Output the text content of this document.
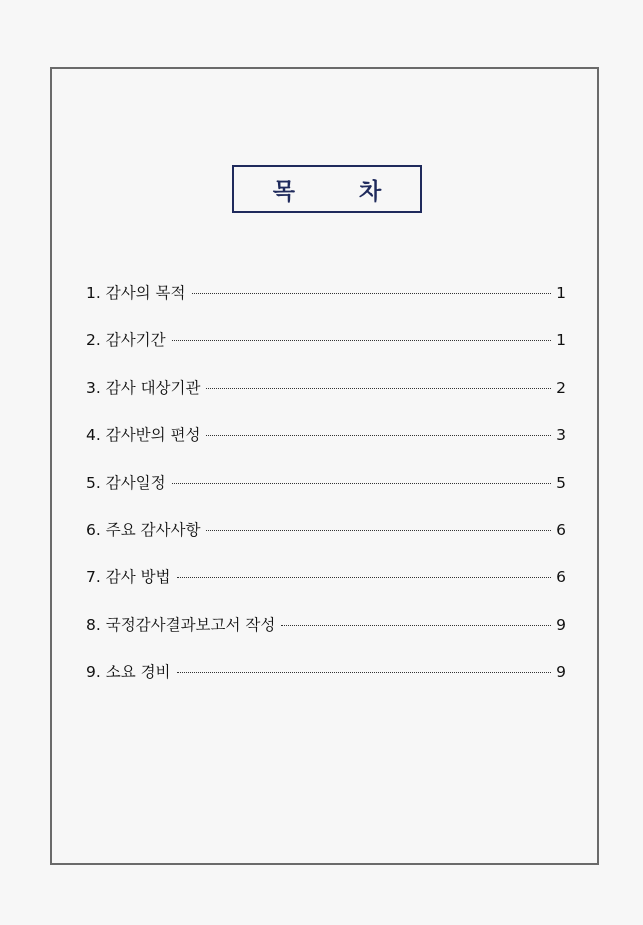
목	차
1. 감사의 목적	1
2. 감사기간	1
3. 감사 대상기관	2
4. 감사반의 편성	3
5. 감사일정	5
6. 주요 감사사항	6
7. 감사 방법	6
8. 국정감사결과보고서 작성	9
9. 소요 경비	9
